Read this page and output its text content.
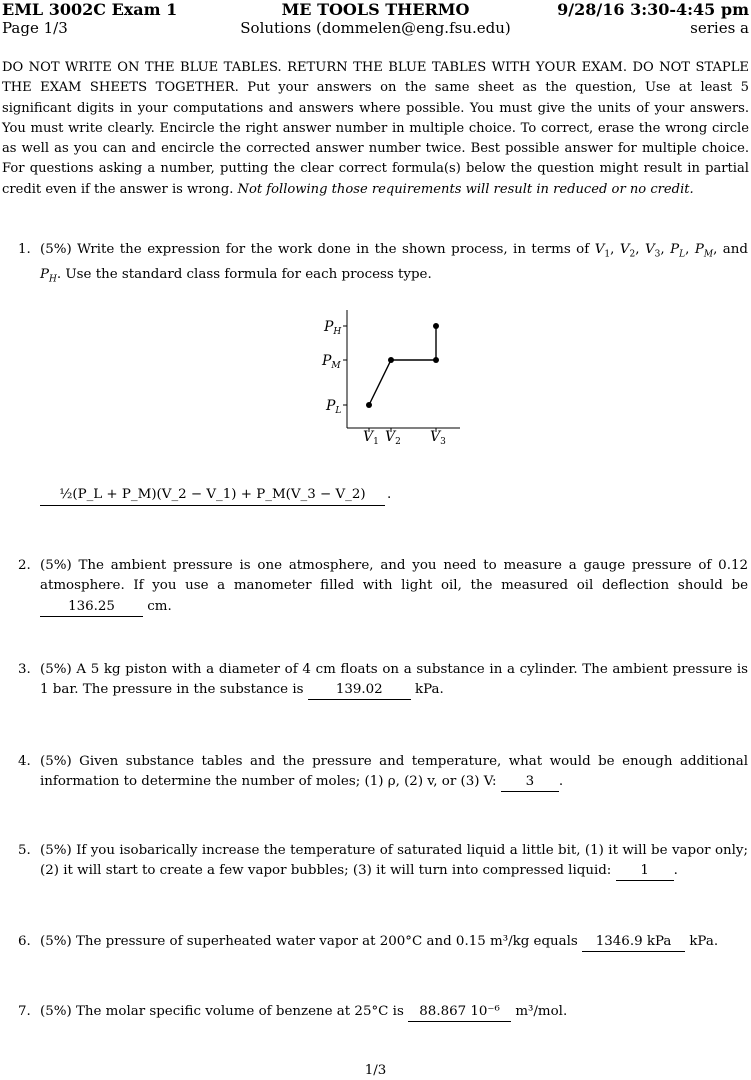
EML 3002C Exam 1	ME TOOLS THERMO	9/28/16 3:30-4:45 pm
Page 1/3	Solutions (dommelen@eng.fsu.edu)	series a
DO NOT WRITE ON THE BLUE TABLES. RETURN THE BLUE TABLES WITH YOUR EXAM. DO NOT STAPLE THE EXAM SHEETS TOGETHER. Put your answers on the same sheet as the question, Use at least 5 significant digits in your computations and answers where possible. You must give the units of your answers. You must write clearly. Encircle the right answer number in multiple choice. To correct, erase the wrong circle as well as you can and encircle the corrected answer number twice. Best possible answer for multiple choice. For questions asking a number, putting the clear correct formula(s) below the question might result in partial credit even if the answer is wrong. Not following those requirements will result in reduced or no credit.
1. (5%) Write the expression for the work done in the shown process, in terms of $V_1$, $V_2$, $V_3$, $P_L$, $P_M$, and $P_H$. Use the standard class formula for each process type.
$P_H$
$P_M$
$P_L$
$V_1$ $V_2$ $V_3$
½(P_L + P_M)(V_2 − V_1) + P_M(V_3 − V_2)	.
2. (5%) The ambient pressure is one atmosphere, and you need to measure a gauge pressure of 0.12 atmosphere. If you use a manometer filled with light oil, the measured oil deflection should be 136.25 cm.
3. (5%) A 5 kg piston with a diameter of 4 cm floats on a substance in a cylinder. The ambient pressure is 1 bar. The pressure in the substance is 139.02 kPa.
4. (5%) Given substance tables and the pressure and temperature, what would be enough additional information to determine the number of moles; (1) ρ, (2) v, or (3) V: 3 .
5. (5%) If you isobarically increase the temperature of saturated liquid a little bit, (1) it will be vapor only; (2) it will start to create a few vapor bubbles; (3) it will turn into compressed liquid: 1 .
6. (5%) The pressure of superheated water vapor at 200°C and 0.15 m³/kg equals 1346.9 kPa kPa.
7. (5%) The molar specific volume of benzene at 25°C is 88.867 10⁻⁶ m³/mol.
1/3
